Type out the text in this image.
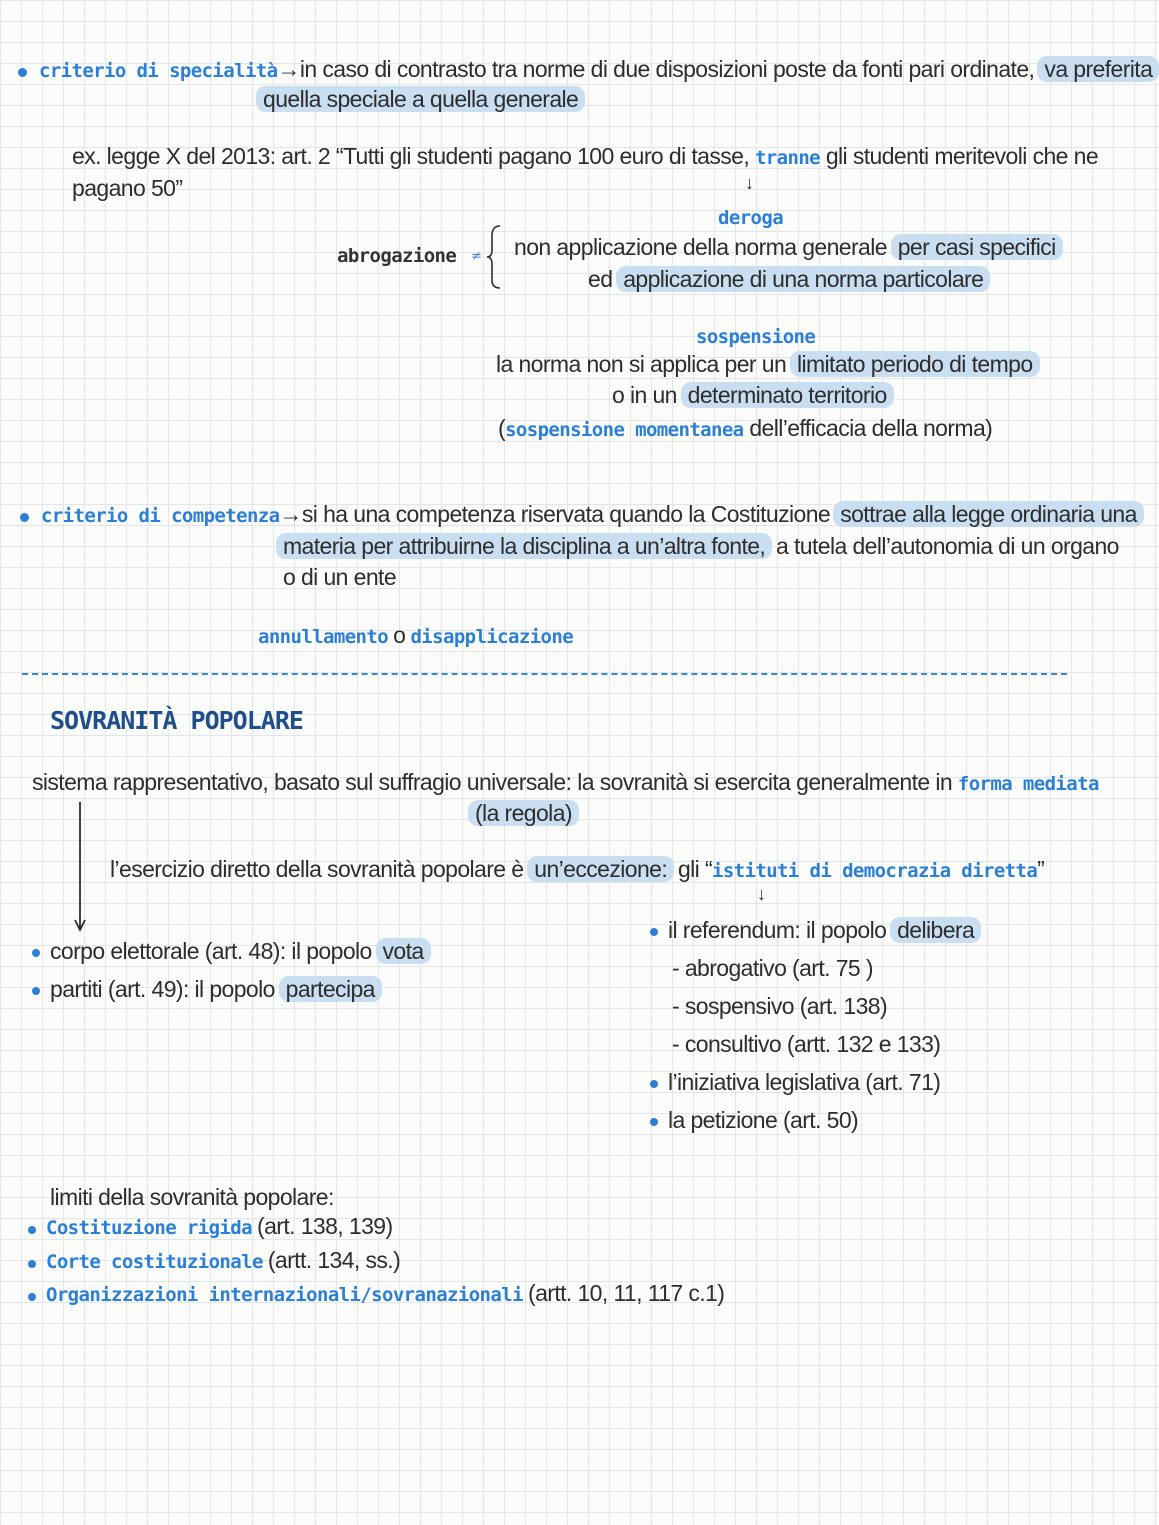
criterio di specialità→in caso di contrasto tra norme di due disposizioni poste da fonti pari ordinate, va preferita
quella speciale a quella generale
ex. legge X del 2013: art. 2 “Tutti gli studenti pagano 100 euro di tasse, tranne gli studenti meritevoli che ne
pagano 50”	↓
deroga
abrogazione ≠ non applicazione della norma generale per casi specifici
ed applicazione di una norma particolare
sospensione
la norma non si applica per un limitato periodo di tempo
o in un determinato territorio
(sospensione momentanea dell’efficacia della norma)
criterio di competenza→si ha una competenza riservata quando la Costituzione sottrae alla legge ordinaria una
materia per attribuirne la disciplina a un’altra fonte, a tutela dell’autonomia di un organo
o di un ente
annullamento o disapplicazione
SOVRANITÀ POPOLARE
sistema rappresentativo, basato sul suffragio universale: la sovranità si esercita generalmente in forma mediata
(la regola)
l’esercizio diretto della sovranità popolare è un’eccezione: gli “istituti di democrazia diretta”
↓
corpo elettorale (art. 48): il popolo vota
partiti (art. 49): il popolo partecipa
il referendum: il popolo delibera
- abrogativo (art. 75 )
- sospensivo (art. 138)
- consultivo (artt. 132 e 133)
l’iniziativa legislativa (art. 71)
la petizione (art. 50)
limiti della sovranità popolare:
Costituzione rigida (art. 138, 139)
Corte costituzionale (artt. 134, ss.)
Organizzazioni internazionali/sovranazionali (artt. 10, 11, 117 c.1)
